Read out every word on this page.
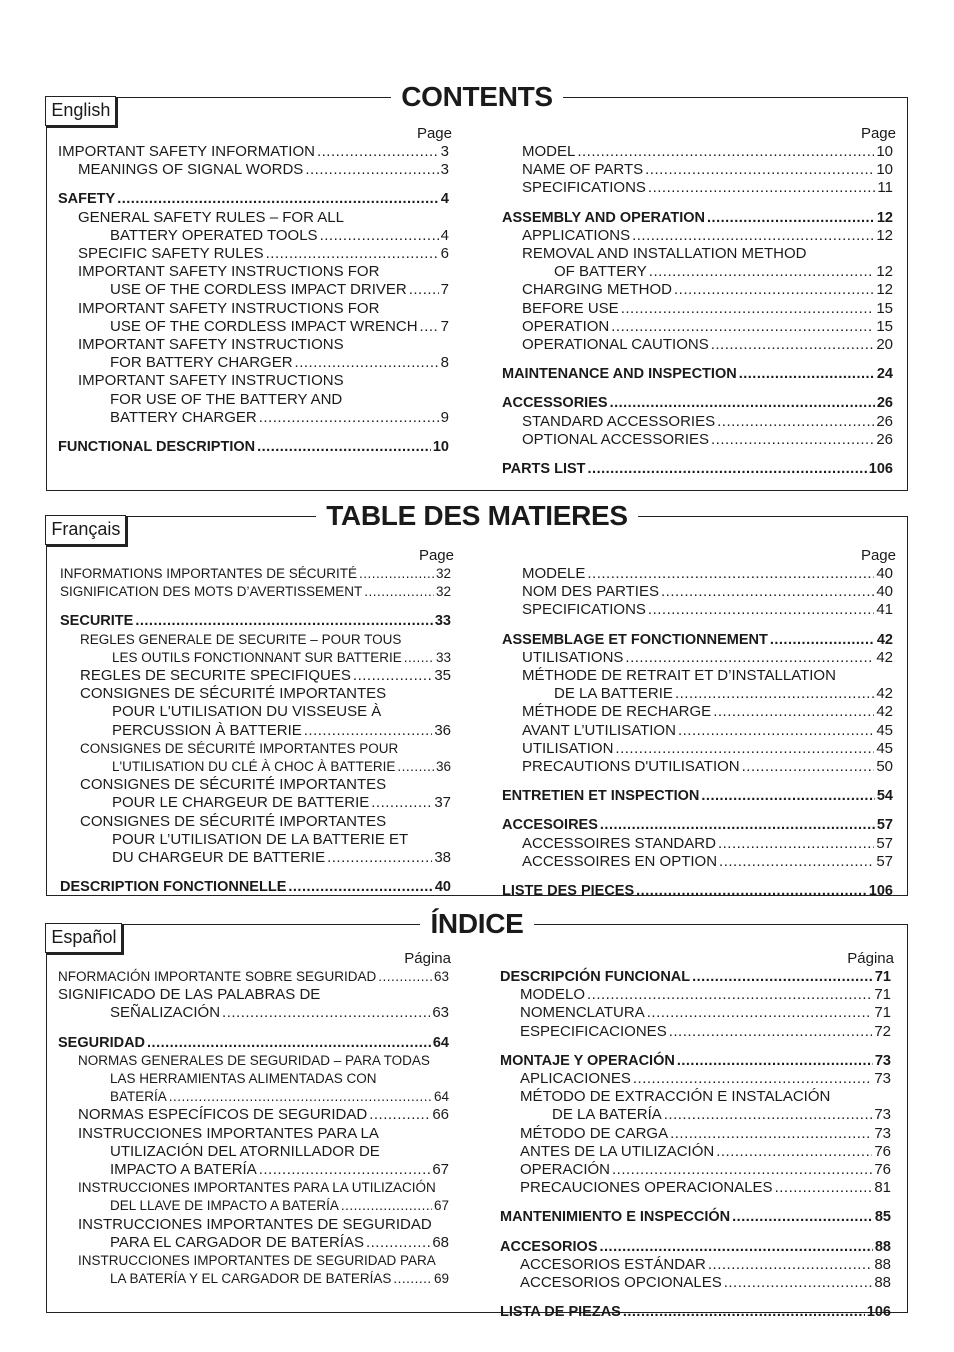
CONTENTS
English
Page	Page
IMPORTANT SAFETY INFORMATION .....	3
MEANINGS OF SIGNAL WORDS .....	3
SAFETY .....	4
GENERAL SAFETY RULES – FOR ALL
BATTERY OPERATED TOOLS .....	4
SPECIFIC SAFETY RULES .....	6
IMPORTANT SAFETY INSTRUCTIONS FOR
USE OF THE CORDLESS IMPACT DRIVER ..... 7
IMPORTANT SAFETY INSTRUCTIONS FOR
USE OF THE CORDLESS IMPACT WRENCH ..... 7
IMPORTANT SAFETY INSTRUCTIONS
FOR BATTERY CHARGER .....	8
IMPORTANT SAFETY INSTRUCTIONS
FOR USE OF THE BATTERY AND
BATTERY CHARGER .....	9
FUNCTIONAL DESCRIPTION .....	10
MODEL .....	10
NAME OF PARTS .....	10
SPECIFICATIONS .....	11
ASSEMBLY AND OPERATION .....	12
APPLICATIONS .....	12
REMOVAL AND INSTALLATION METHOD
OF BATTERY .....	12
CHARGING METHOD .....	12
BEFORE USE .....	15
OPERATION .....	15
OPERATIONAL CAUTIONS .....	20
MAINTENANCE AND INSPECTION .....	24
ACCESSORIES .....	26
STANDARD ACCESSORIES .....	26
OPTIONAL ACCESSORIES .....	26
PARTS LIST .....	106
TABLE DES MATIERES
Français
Page	Page
INFORMATIONS IMPORTANTES DE SÉCURITÉ .....	32
SIGNIFICATION DES MOTS D’AVERTISSEMENT .....	32
SECURITE .....	33
REGLES GENERALE DE SECURITE – POUR TOUS
LES OUTILS FONCTIONNANT SUR BATTERIE .....	33
REGLES DE SECURITE SPECIFIQUES .....	35
CONSIGNES DE SÉCURITÉ IMPORTANTES
POUR L'UTILISATION DU VISSEUSE À
PERCUSSION À BATTERIE .....	36
CONSIGNES DE SÉCURITÉ IMPORTANTES POUR
L'UTILISATION DU CLÉ À CHOC À BATTERIE .....	36
CONSIGNES DE SÉCURITÉ IMPORTANTES
POUR LE CHARGEUR DE BATTERIE .....	37
CONSIGNES DE SÉCURITÉ IMPORTANTES
POUR L’UTILISATION DE LA BATTERIE ET
DU CHARGEUR DE BATTERIE .....	38
DESCRIPTION FONCTIONNELLE .....	40
MODELE .....	40
NOM DES PARTIES .....	40
SPECIFICATIONS .....	41
ASSEMBLAGE ET FONCTIONNEMENT .....	42
UTILISATIONS .....	42
MÉTHODE DE RETRAIT ET D’INSTALLATION
DE LA BATTERIE .....	42
MÉTHODE DE RECHARGE .....	42
AVANT L’UTILISATION .....	45
UTILISATION .....	45
PRECAUTIONS D'UTILISATION .....	50
ENTRETIEN ET INSPECTION .....	54
ACCESOIRES .....	57
ACCESSOIRES STANDARD .....	57
ACCESSOIRES EN OPTION .....	57
LISTE DES PIECES .....	106
ÍNDICE
Español
Página	Página
NFORMACIÓN IMPORTANTE SOBRE SEGURIDAD .....	63
SIGNIFICADO DE LAS PALABRAS DE
SEÑALIZACIÓN .....	63
SEGURIDAD .....	64
NORMAS GENERALES DE SEGURIDAD – PARA TODAS
LAS HERRAMIENTAS ALIMENTADAS CON
BATERÍA .....	64
NORMAS ESPECÍFICOS DE SEGURIDAD .....	66
INSTRUCCIONES IMPORTANTES PARA LA
UTILIZACIÓN DEL ATORNILLADOR DE
IMPACTO A BATERÍA .....	67
INSTRUCCIONES IMPORTANTES PARA LA UTILIZACIÓN
DEL LLAVE DE IMPACTO A BATERÍA .....	67
INSTRUCCIONES IMPORTANTES DE SEGURIDAD
PARA EL CARGADOR DE BATERÍAS .....	68
INSTRUCCIONES IMPORTANTES DE SEGURIDAD PARA
LA BATERÍA Y EL CARGADOR DE BATERÍAS .....	69
DESCRIPCIÓN FUNCIONAL .....	71
MODELO .....	71
NOMENCLATURA .....	71
ESPECIFICACIONES .....	72
MONTAJE Y OPERACIÓN .....	73
APLICACIONES .....	73
MÉTODO DE EXTRACCIÓN E INSTALACIÓN
DE LA BATERÍA .....	73
MÉTODO DE CARGA .....	73
ANTES DE LA UTILIZACIÓN .....	76
OPERACIÓN .....	76
PRECAUCIONES OPERACIONALES .....	81
MANTENIMIENTO E INSPECCIÓN .....	85
ACCESORIOS .....	88
ACCESORIOS ESTÁNDAR .....	88
ACCESORIOS OPCIONALES .....	88
LISTA DE PIEZAS .....	106
